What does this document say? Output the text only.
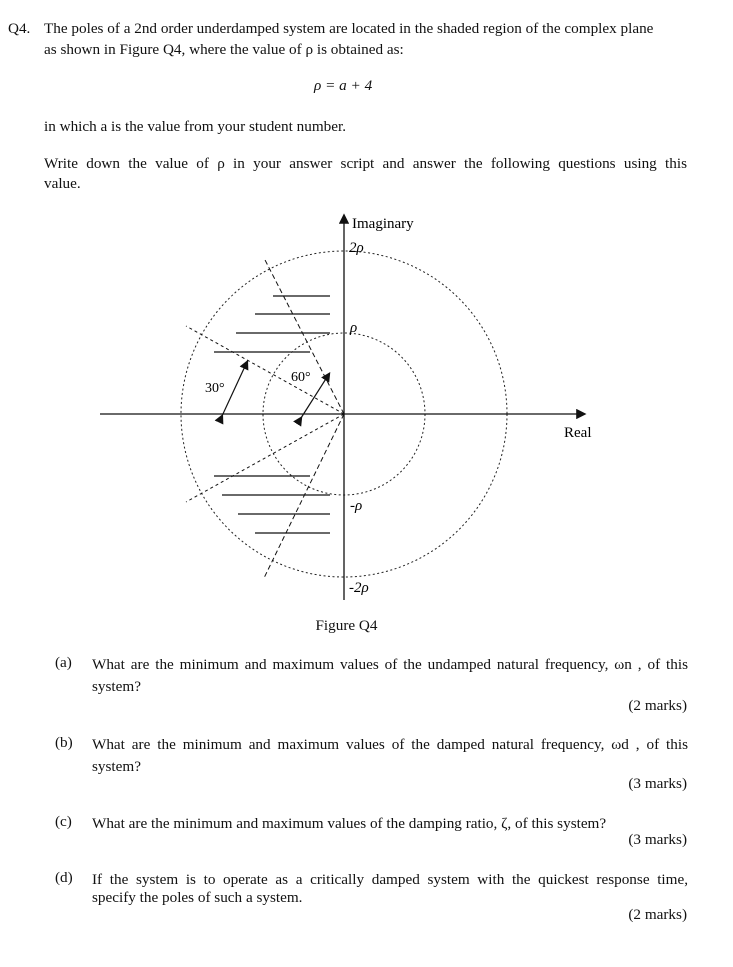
Q4. The poles of a 2nd order underdamped system are located in the shaded region of the complex plane
as shown in Figure Q4, where the value of ρ is obtained as:
ρ = a + 4
in which a is the value from your student number.
Write down the value of ρ in your answer script and answer the following questions using this
value.
Imaginary
Real
2ρ
ρ
-ρ
-2ρ
30°
60°
Figure Q4
(a) What are the minimum and maximum values of the undamped natural frequency, ωn , of this
system?
(2 marks)
(b) What are the minimum and maximum values of the damped natural frequency, ωd , of this
system?
(3 marks)
(c) What are the minimum and maximum values of the damping ratio, ζ, of this system?
(3 marks)
(d) If the system is to operate as a critically damped system with the quickest response time,
specify the poles of such a system.
(2 marks)
